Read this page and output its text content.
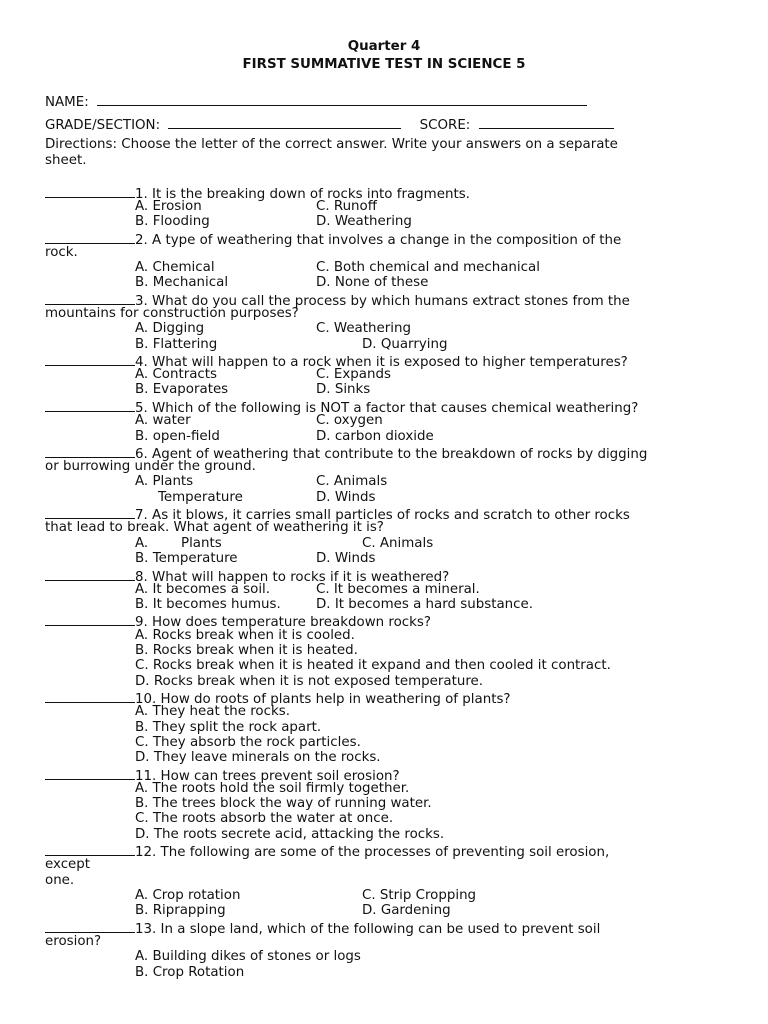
Quarter 4
FIRST SUMMATIVE TEST IN SCIENCE 5
NAME:
GRADE/SECTION:	SCORE:
Directions: Choose the letter of the correct answer. Write your answers on a separate
sheet.
1. It is the breaking down of rocks into fragments.
A. Erosion	C. Runoff
B. Flooding	D. Weathering
2. A type of weathering that involves a change in the composition of the
rock.
A. Chemical	C. Both chemical and mechanical
B. Mechanical	D. None of these
3. What do you call the process by which humans extract stones from the
mountains for construction purposes?
A. Digging	C. Weathering
B. Flattering	D. Quarrying
4. What will happen to a rock when it is exposed to higher temperatures?
A. Contracts	C. Expands
B. Evaporates	D. Sinks
5. Which of the following is NOT a factor that causes chemical weathering?
A. water	C. oxygen
B. open-field	D. carbon dioxide
6. Agent of weathering that contribute to the breakdown of rocks by digging
or burrowing under the ground.
A. Plants	C. Animals
Temperature	D. Winds
7. As it blows, it carries small particles of rocks and scratch to other rocks
that lead to break. What agent of weathering it is?
A. Plants	C. Animals
B. Temperature	D. Winds
8. What will happen to rocks if it is weathered?
A. It becomes a soil.	C. It becomes a mineral.
B. It becomes humus.	D. It becomes a hard substance.
9. How does temperature breakdown rocks?
A. Rocks break when it is cooled.
B. Rocks break when it is heated.
C. Rocks break when it is heated it expand and then cooled it contract.
D. Rocks break when it is not exposed temperature.
10. How do roots of plants help in weathering of plants?
A. They heat the rocks.
B. They split the rock apart.
C. They absorb the rock particles.
D. They leave minerals on the rocks.
11. How can trees prevent soil erosion?
A. The roots hold the soil firmly together.
B. The trees block the way of running water.
C. The roots absorb the water at once.
D. The roots secrete acid, attacking the rocks.
12. The following are some of the processes of preventing soil erosion,
except
one.
A. Crop rotation	C. Strip Cropping
B. Riprapping	D. Gardening
13. In a slope land, which of the following can be used to prevent soil
erosion?
A. Building dikes of stones or logs
B. Crop Rotation
